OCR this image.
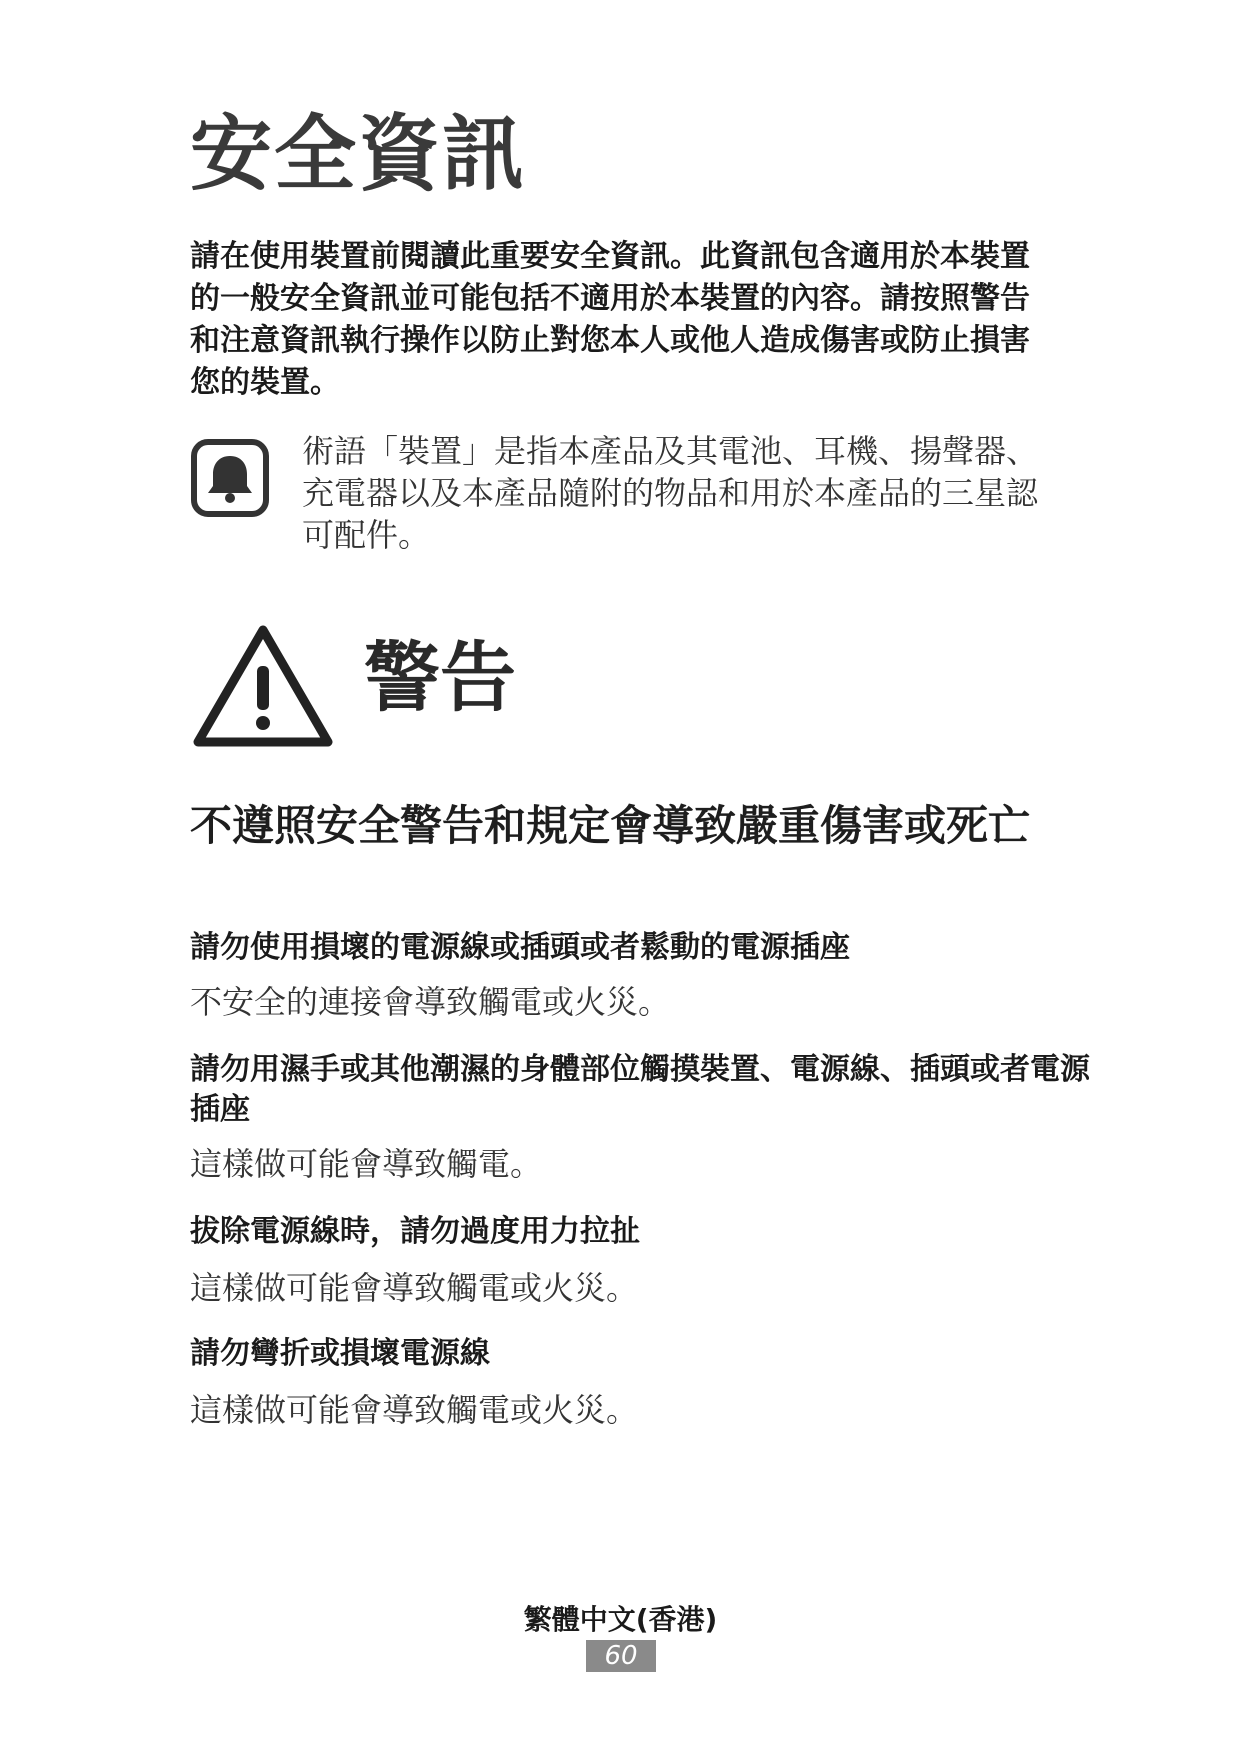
安全資訊
請在使用裝置前閱讀此重要安全資訊。此資訊包含適用於本裝置的一般安全資訊並可能包括不適用於本裝置的內容。請按照警告和注意資訊執行操作以防止對您本人或他人造成傷害或防止損害您的裝置。
術語「裝置」是指本產品及其電池、耳機、揚聲器、充電器以及本產品隨附的物品和用於本產品的三星認可配件。
警告
不遵照安全警告和規定會導致嚴重傷害或死亡
請勿使用損壞的電源線或插頭或者鬆動的電源插座
不安全的連接會導致觸電或火災。
請勿用濕手或其他潮濕的身體部位觸摸裝置、電源線、插頭或者電源插座
這樣做可能會導致觸電。
拔除電源線時，請勿過度用力拉扯
這樣做可能會導致觸電或火災。
請勿彎折或損壞電源線
這樣做可能會導致觸電或火災。
繁體中文(香港)
60
